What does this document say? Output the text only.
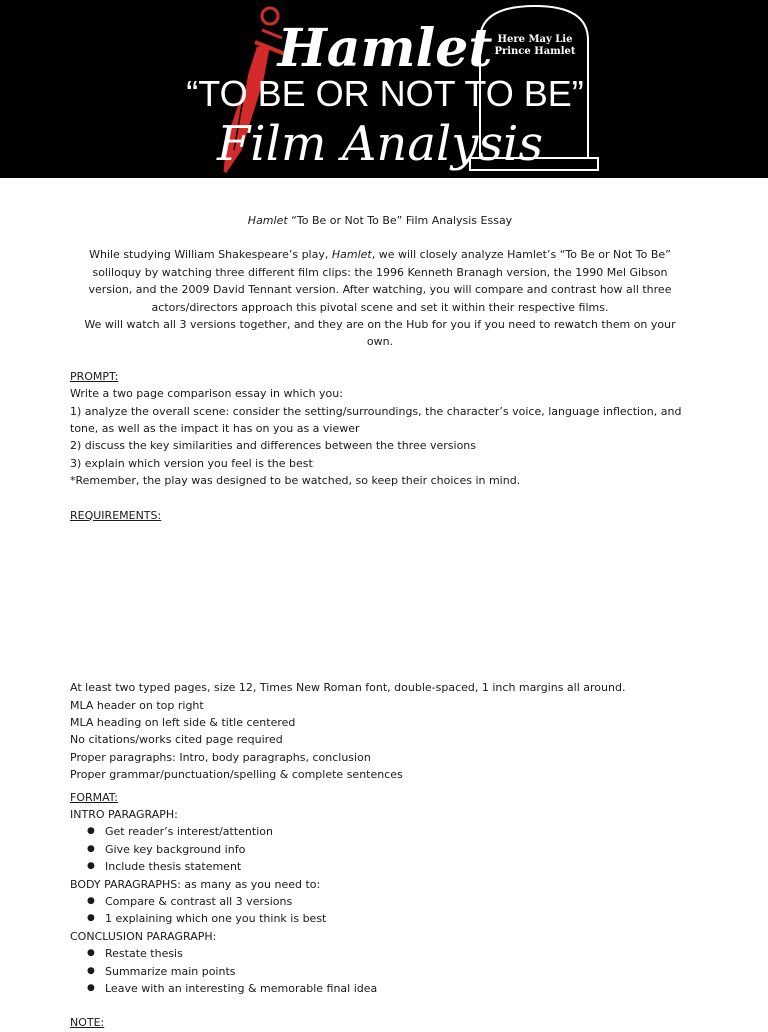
Here May Lie
Prince Hamlet
Hamlet
“TO BE OR NOT TO BE”
Film Analysis

Hamlet “To Be or Not To Be” Film Analysis Essay

While studying William Shakespeare’s play, Hamlet, we will closely analyze Hamlet’s “To Be or Not To Be” soliloquy by watching three different film clips: the 1996 Kenneth Branagh version, the 1990 Mel Gibson version, and the 2009 David Tennant version. After watching, you will compare and contrast how all three actors/directors approach this pivotal scene and set it within their respective films.

We will watch all 3 versions together, and they are on the Hub for you if you need to rewatch them on your own.

PROMPT:

Write a two page comparison essay in which you:

1) analyze the overall scene: consider the setting/surroundings, the character’s voice, language inflection, and tone, as well as the impact it has on you as a viewer

2) discuss the key similarities and differences between the three versions

3) explain which version you feel is the best

*Remember, the play was designed to be watched, so keep their choices in mind.

REQUIREMENTS:

At least two typed pages, size 12, Times New Roman font, double-spaced, 1 inch margins all around.

MLA header on top right

MLA heading on left side & title centered

No citations/works cited page required

Proper paragraphs: Intro, body paragraphs, conclusion

Proper grammar/punctuation/spelling & complete sentences

FORMAT:

INTRO PARAGRAPH:

● Get reader’s interest/attention

● Give key background info

● Include thesis statement

BODY PARAGRAPHS: as many as you need to:

● Compare & contrast all 3 versions

● 1 explaining which one you think is best

CONCLUSION PARAGRAPH:

● Restate thesis

● Summarize main points

● Leave with an interesting & memorable final idea

NOTE:
